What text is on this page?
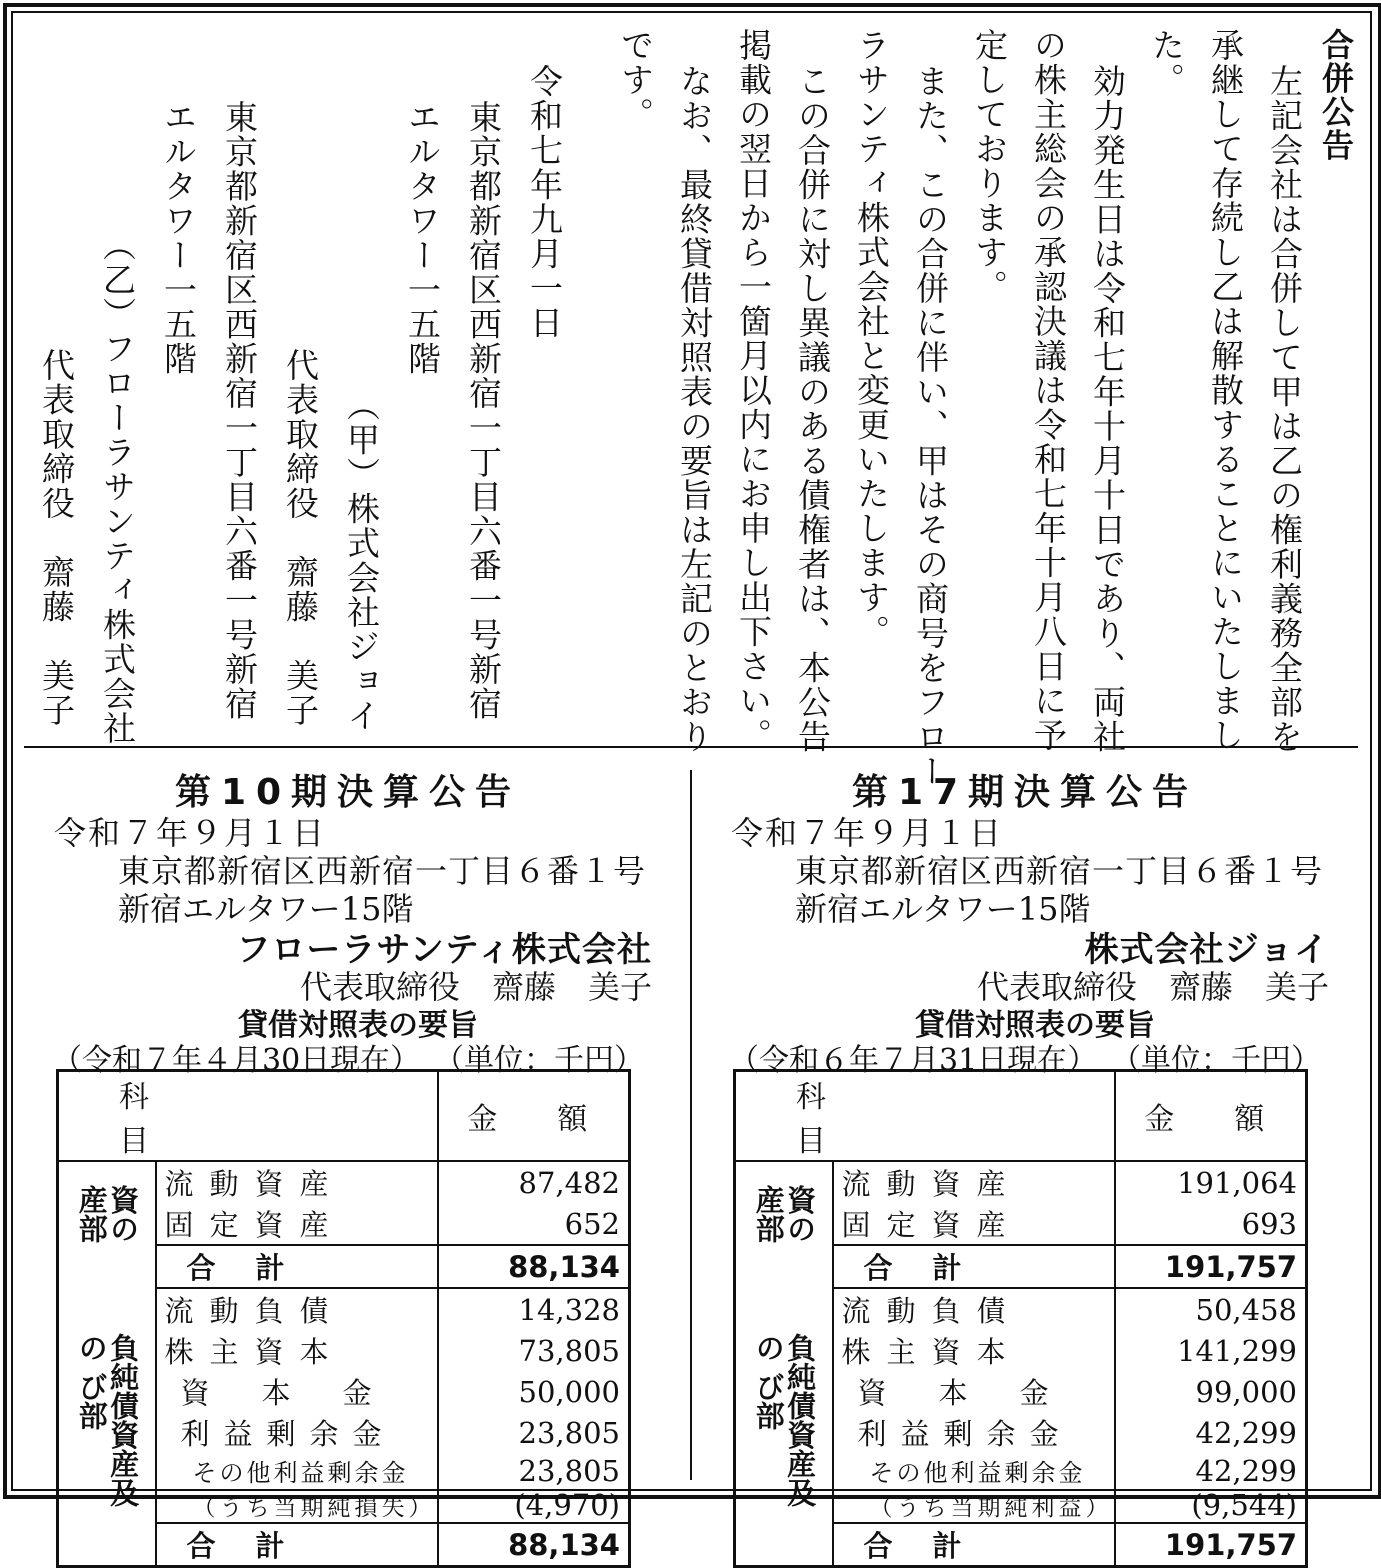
合併公告
左記会社は合併して甲は乙の権利義務全部を
承継して存続し乙は解散することにいたしまし
た。
効力発生日は令和七年十月十日であり、両社
の株主総会の承認決議は令和七年十月八日に予
定しております。
また、この合併に伴い、甲はその商号をフロー
ラサンティ株式会社と変更いたします。
この合併に対し異議のある債権者は、本公告
掲載の翌日から一箇月以内にお申し出下さい。
なお、最終貸借対照表の要旨は左記のとおり
です。
令和七年九月一日
東京都新宿区西新宿一丁目六番一号新宿
エルタワー一五階
（甲）株式会社ジョイ
代表取締役　齋藤　美子
東京都新宿区西新宿一丁目六番一号新宿
エルタワー一五階
（乙）フローラサンティ株式会社
代表取締役　齋藤　美子
第10期決算公告
令和７年９月１日
東京都新宿区西新宿一丁目６番１号
新宿エルタワー15階
フローラサンティ株式会社
代表取締役　齋藤　美子
貸借対照表の要旨
（令和７年４月30日現在） （単位：千円）
科  目		金　　額
資の産部	流動資産	87,482
	固定資産	652
	合計	88,134
負純債資産及の び部	流動負債	14,328
	株主資本	73,805
	資本金	50,000
	利益剰余金	23,805
	その他利益剰余金	23,805
	（うち当期純損失）	(4,970)
	合計	88,134
第17期決算公告
令和７年９月１日
東京都新宿区西新宿一丁目６番１号
新宿エルタワー15階
株式会社ジョイ
代表取締役　齋藤　美子
貸借対照表の要旨
（令和６年７月31日現在） （単位：千円）
科  目		金　　額
資の産部	流動資産	191,064
	固定資産	693
	合計	191,757
負純債資産及の び部	流動負債	50,458
	株主資本	141,299
	資本金	99,000
	利益剰余金	42,299
	その他利益剰余金	42,299
	（うち当期純利益）	(9,544)
	合計	191,757
